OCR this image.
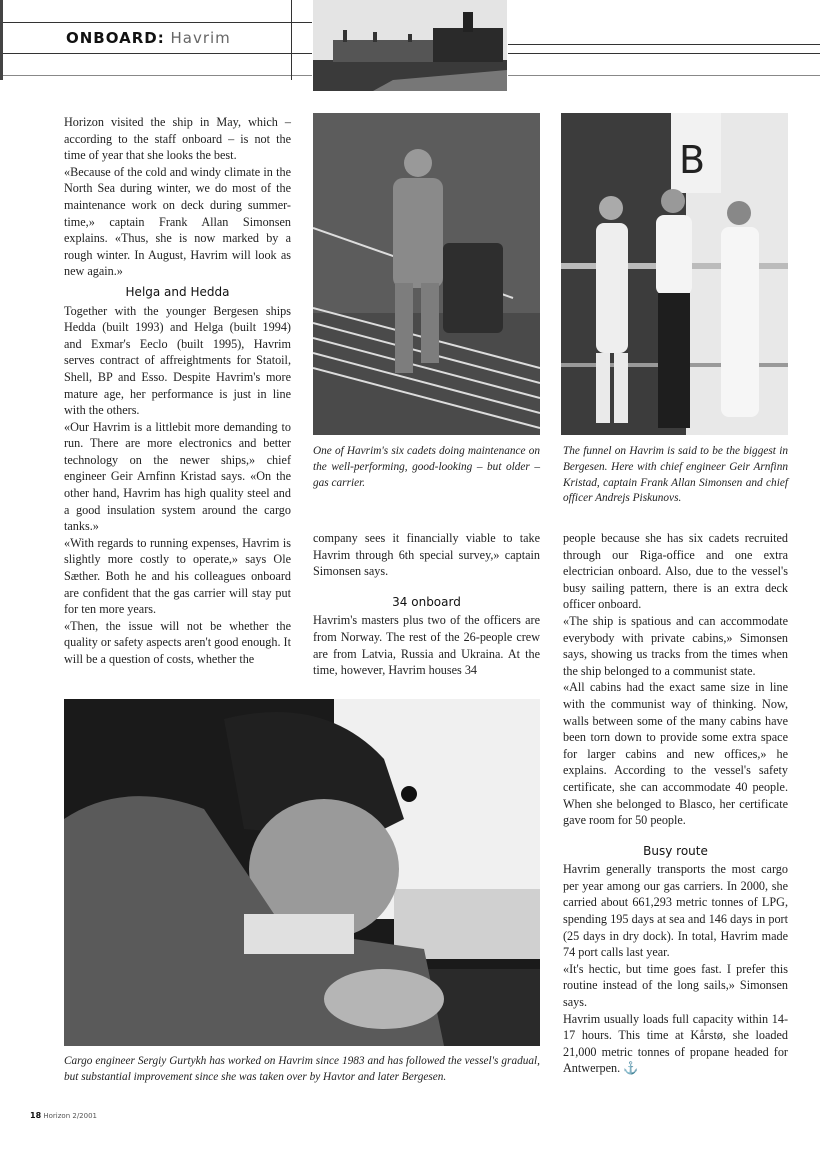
ONBOARD: Havrim
B
One of Havrim's six cadets doing maintenance on the well-performing, good-looking – but older – gas carrier.
The funnel on Havrim is said to be the biggest in Bergesen. Here with chief engineer Geir Arnfinn Kristad, captain Frank Allan Simonsen and chief officer Andrejs Piskunovs.
Cargo engineer Sergiy Gurtykh has worked on Havrim since 1983 and has followed the vessel's gradual, but substantial improvement since she was taken over by Havtor and later Bergesen.

Horizon visited the ship in May, which – according to the staff onboard – is not the time of year that she looks the best.

«Because of the cold and windy climate in the North Sea during winter, we do most of the maintenance work on deck during summer-time,» captain Frank Allan Simonsen explains. «Thus, she is now marked by a rough winter. In August, Havrim will look as new again.»

Helga and Hedda

Together with the younger Bergesen ships Hedda (built 1993) and Helga (built 1994) and Exmar's Eeclo (built 1995), Havrim serves contract of affreightments for Statoil, Shell, BP and Esso. Despite Havrim's more mature age, her performance is just in line with the others.

«Our Havrim is a littlebit more demanding to run. There are more electronics and better technology on the newer ships,» chief engineer Geir Arnfinn Kristad says. «On the other hand, Havrim has high quality steel and a good insulation system around the cargo tanks.»

«With regards to running expenses, Havrim is slightly more costly to operate,» says Ole Sæther. Both he and his colleagues onboard are confident that the gas carrier will stay put for ten more years.

«Then, the issue will not be whether the quality or safety aspects aren't good enough. It will be a question of costs, whether the

company sees it financially viable to take Havrim through 6th special survey,» captain Simonsen says.

34 onboard

Havrim's masters plus two of the officers are from Norway. The rest of the 26-people crew are from Latvia, Russia and Ukraina. At the time, however, Havrim houses 34

people because she has six cadets recruited through our Riga-office and one extra electrician onboard. Also, due to the vessel's busy sailing pattern, there is an extra deck officer onboard.

«The ship is spatious and can accommodate everybody with private cabins,» Simonsen says, showing us tracks from the times when the ship belonged to a communist state.

«All cabins had the exact same size in line with the communist way of thinking. Now, walls between some of the many cabins have been torn down to provide some extra space for larger cabins and new offices,» he explains. According to the vessel's safety certificate, she can accommodate 40 people. When she belonged to Blasco, her certificate gave room for 50 people.

Busy route

Havrim generally transports the most cargo per year among our gas carriers. In 2000, she carried about 661,293 metric tonnes of LPG, spending 195 days at sea and 146 days in port (25 days in dry dock). In total, Havrim made 74 port calls last year.

«It's hectic, but time goes fast. I prefer this routine instead of the long sails,» Simonsen says.

Havrim usually loads full capacity within 14-17 hours. This time at Kårstø, she loaded 21,000 metric tonnes of propane headed for Antwerpen. ⚓

18 Horizon 2/2001
